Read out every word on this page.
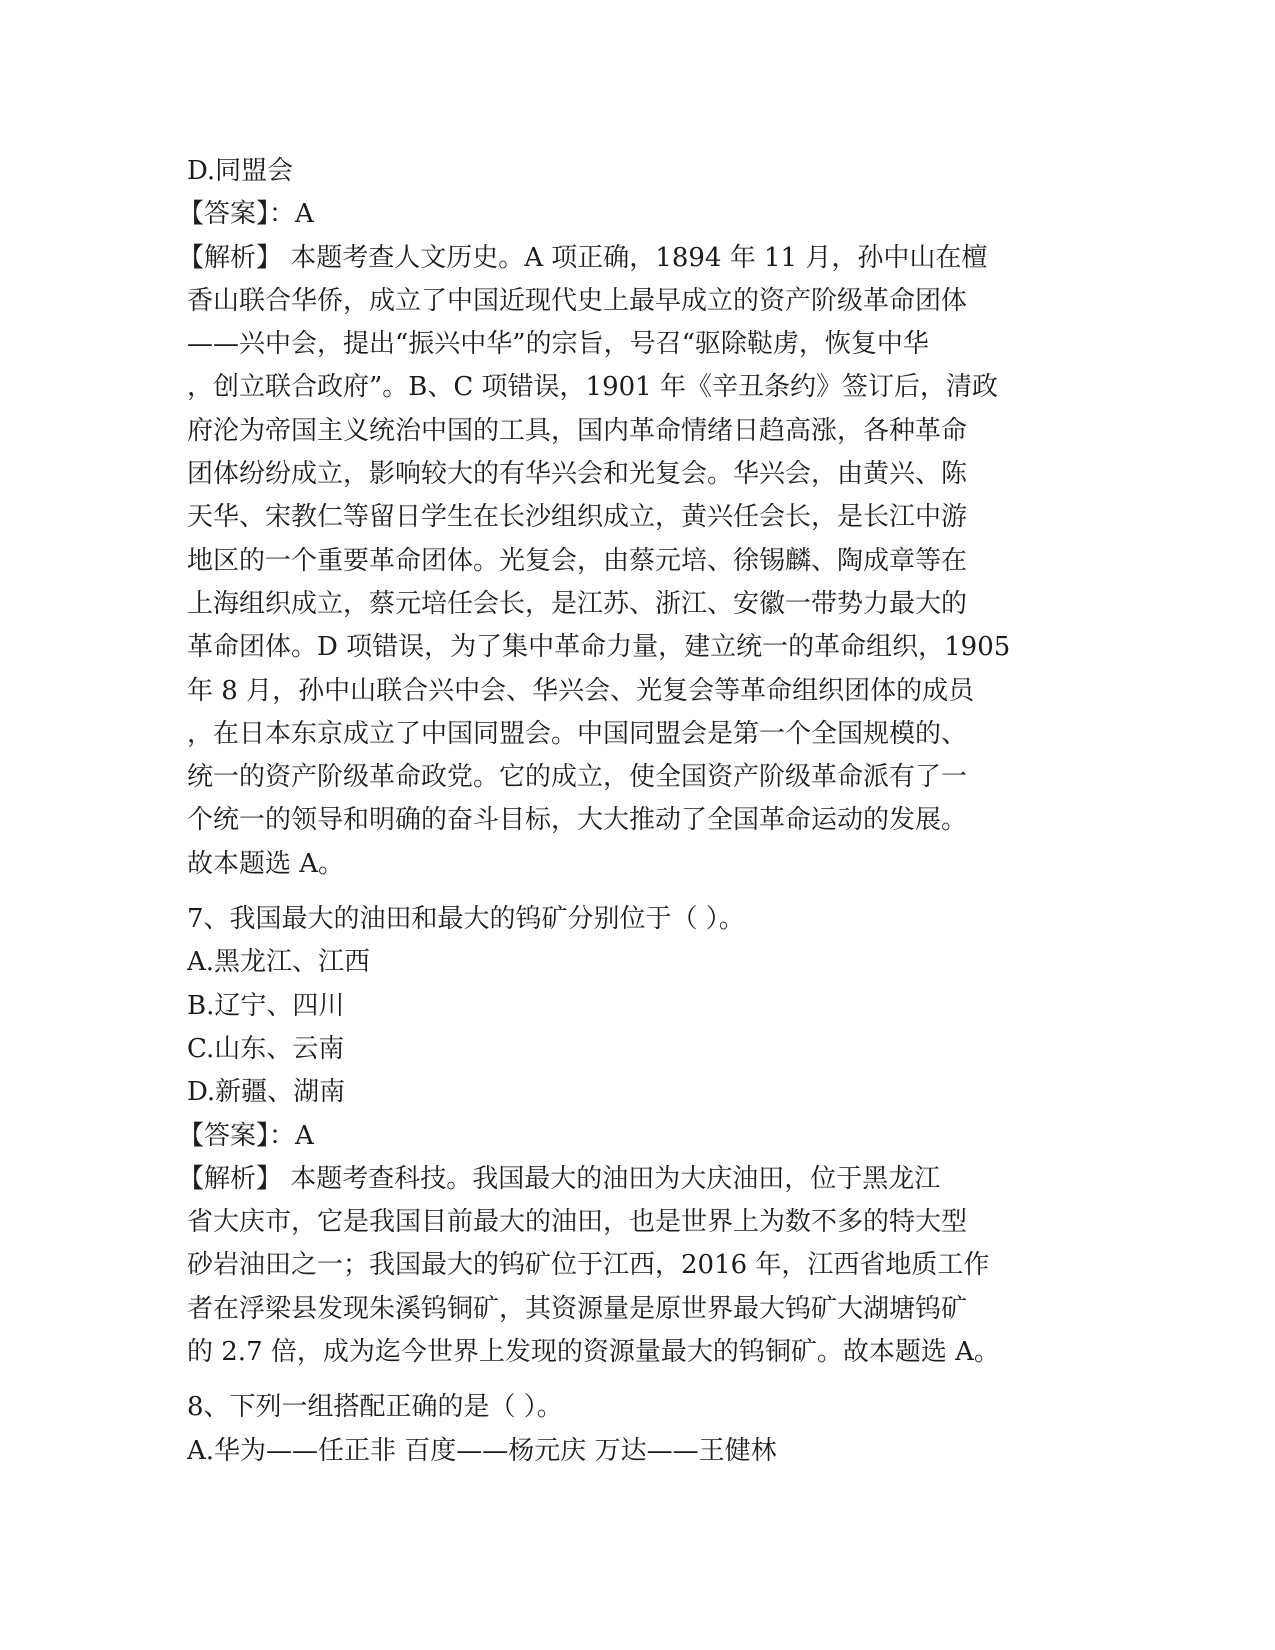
D.同盟会
【答案】：A
【解析】 本题考查人文历史。A 项正确，1894 年 11 月，孙中山在檀
香山联合华侨，成立了中国近现代史上最早成立的资产阶级革命团体
——兴中会，提出“振兴中华”的宗旨，号召“驱除鞑虏，恢复中华
，创立联合政府”。B、C 项错误，1901 年《辛丑条约》签订后，清政
府沦为帝国主义统治中国的工具，国内革命情绪日趋高涨，各种革命
团体纷纷成立，影响较大的有华兴会和光复会。华兴会，由黄兴、陈
天华、宋教仁等留日学生在长沙组织成立，黄兴任会长，是长江中游
地区的一个重要革命团体。光复会，由蔡元培、徐锡麟、陶成章等在
上海组织成立，蔡元培任会长，是江苏、浙江、安徽一带势力最大的
革命团体。D 项错误，为了集中革命力量，建立统一的革命组织，1905
年 8 月，孙中山联合兴中会、华兴会、光复会等革命组织团体的成员
，在日本东京成立了中国同盟会。中国同盟会是第一个全国规模的、
统一的资产阶级革命政党。它的成立，使全国资产阶级革命派有了一
个统一的领导和明确的奋斗目标，大大推动了全国革命运动的发展。
故本题选 A。
7、我国最大的油田和最大的钨矿分别位于（ ）。
A.黑龙江、江西
B.辽宁、四川
C.山东、云南
D.新疆、湖南
【答案】：A
【解析】 本题考查科技。我国最大的油田为大庆油田，位于黑龙江
省大庆市，它是我国目前最大的油田，也是世界上为数不多的特大型
砂岩油田之一；我国最大的钨矿位于江西，2016 年，江西省地质工作
者在浮梁县发现朱溪钨铜矿，其资源量是原世界最大钨矿大湖塘钨矿
的 2.7 倍，成为迄今世界上发现的资源量最大的钨铜矿。故本题选 A。
8、下列一组搭配正确的是（ ）。
A.华为——任正非 百度——杨元庆 万达——王健林
